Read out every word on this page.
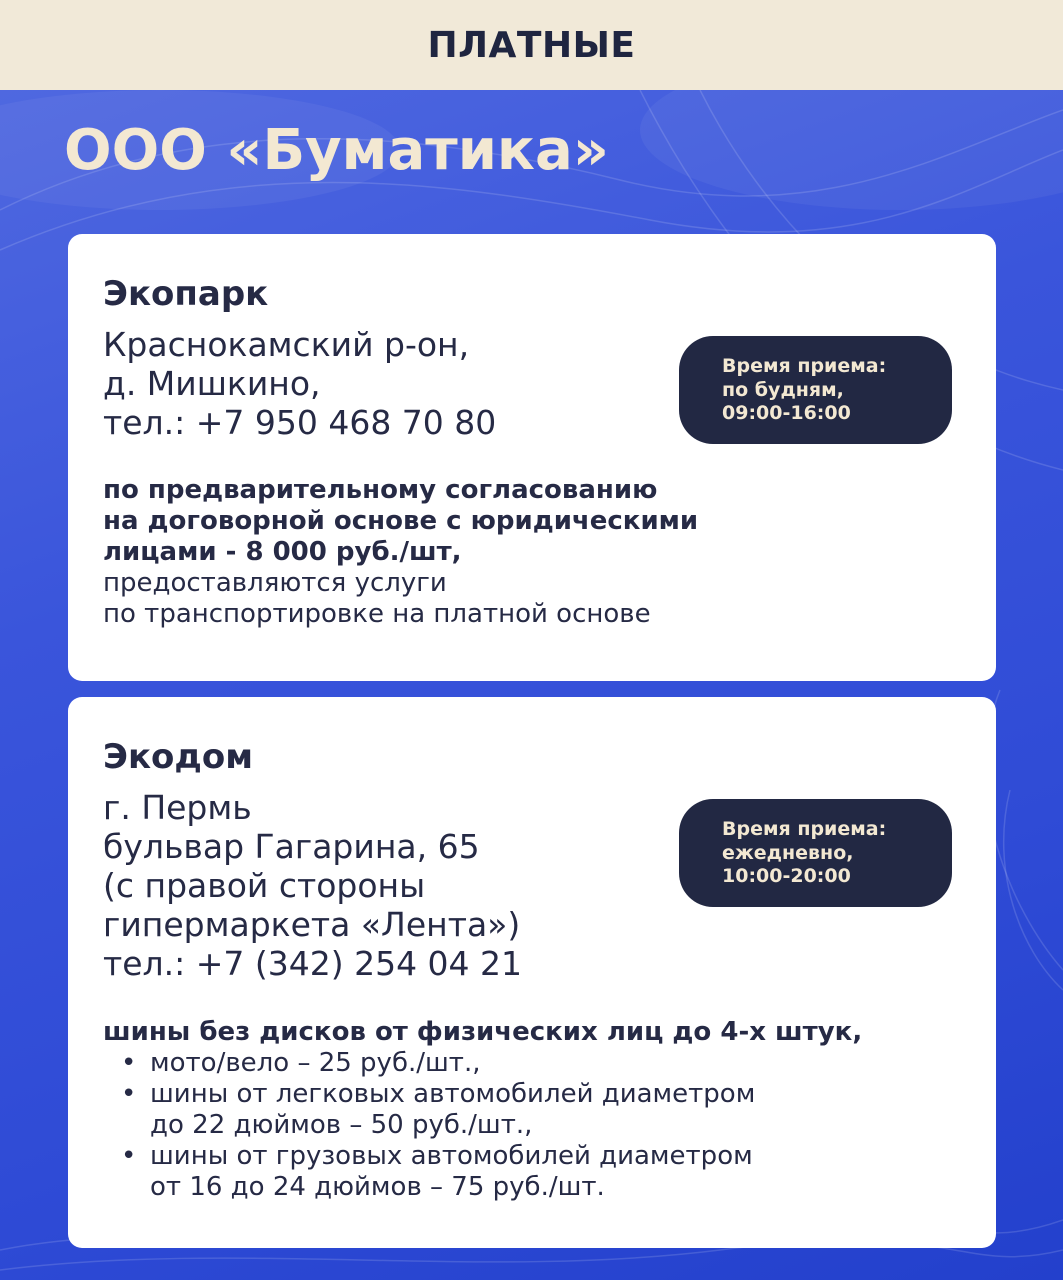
ПЛАТНЫЕ
ООО «Буматика»
Экопарк
Краснокамский р-он,
д. Мишкино,
тел.: +7 950 468 70 80
Время приема:
по будням,
09:00-16:00
по предварительному согласованию
на договорной основе с юридическими
лицами - 8 000 руб./шт,
предоставляются услуги
по транспортировке на платной основе
Экодом
г. Пермь
бульвар Гагарина, 65
(с правой стороны
гипермаркета «Лента»)
тел.: +7 (342) 254 04 21
Время приема:
ежедневно,
10:00-20:00
шины без дисков от физических лиц до 4-х штук,
• мото/вело – 25 руб./шт.,
• шины от легковых автомобилей диаметром
до 22 дюймов – 50 руб./шт.,
• шины от грузовых автомобилей диаметром
от 16 до 24 дюймов – 75 руб./шт.
